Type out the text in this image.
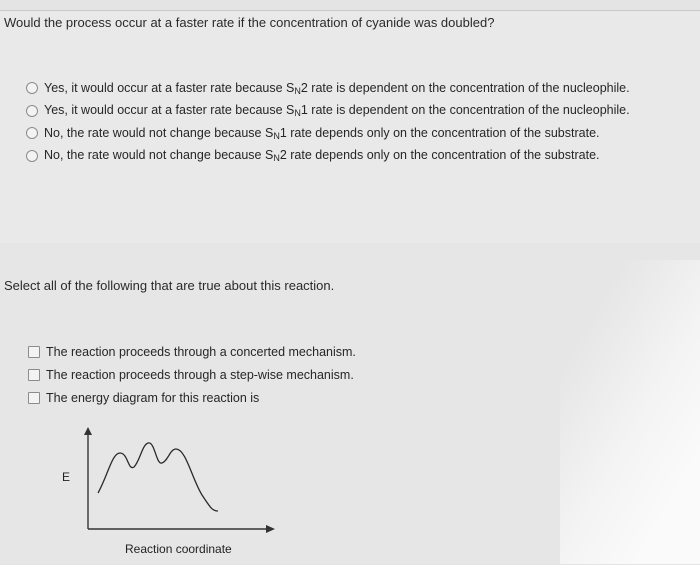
Would the process occur at a faster rate if the concentration of cyanide was doubled?
Yes, it would occur at a faster rate because $S_N2$ rate is dependent on the concentration of the nucleophile.
Yes, it would occur at a faster rate because $S_N1$ rate is dependent on the concentration of the nucleophile.
No, the rate would not change because $S_N1$ rate depends only on the concentration of the substrate.
No, the rate would not change because $S_N2$ rate depends only on the concentration of the substrate.
Select all of the following that are true about this reaction.
The reaction proceeds through a concerted mechanism.
The reaction proceeds through a step-wise mechanism.
The energy diagram for this reaction is
E
Reaction coordinate
